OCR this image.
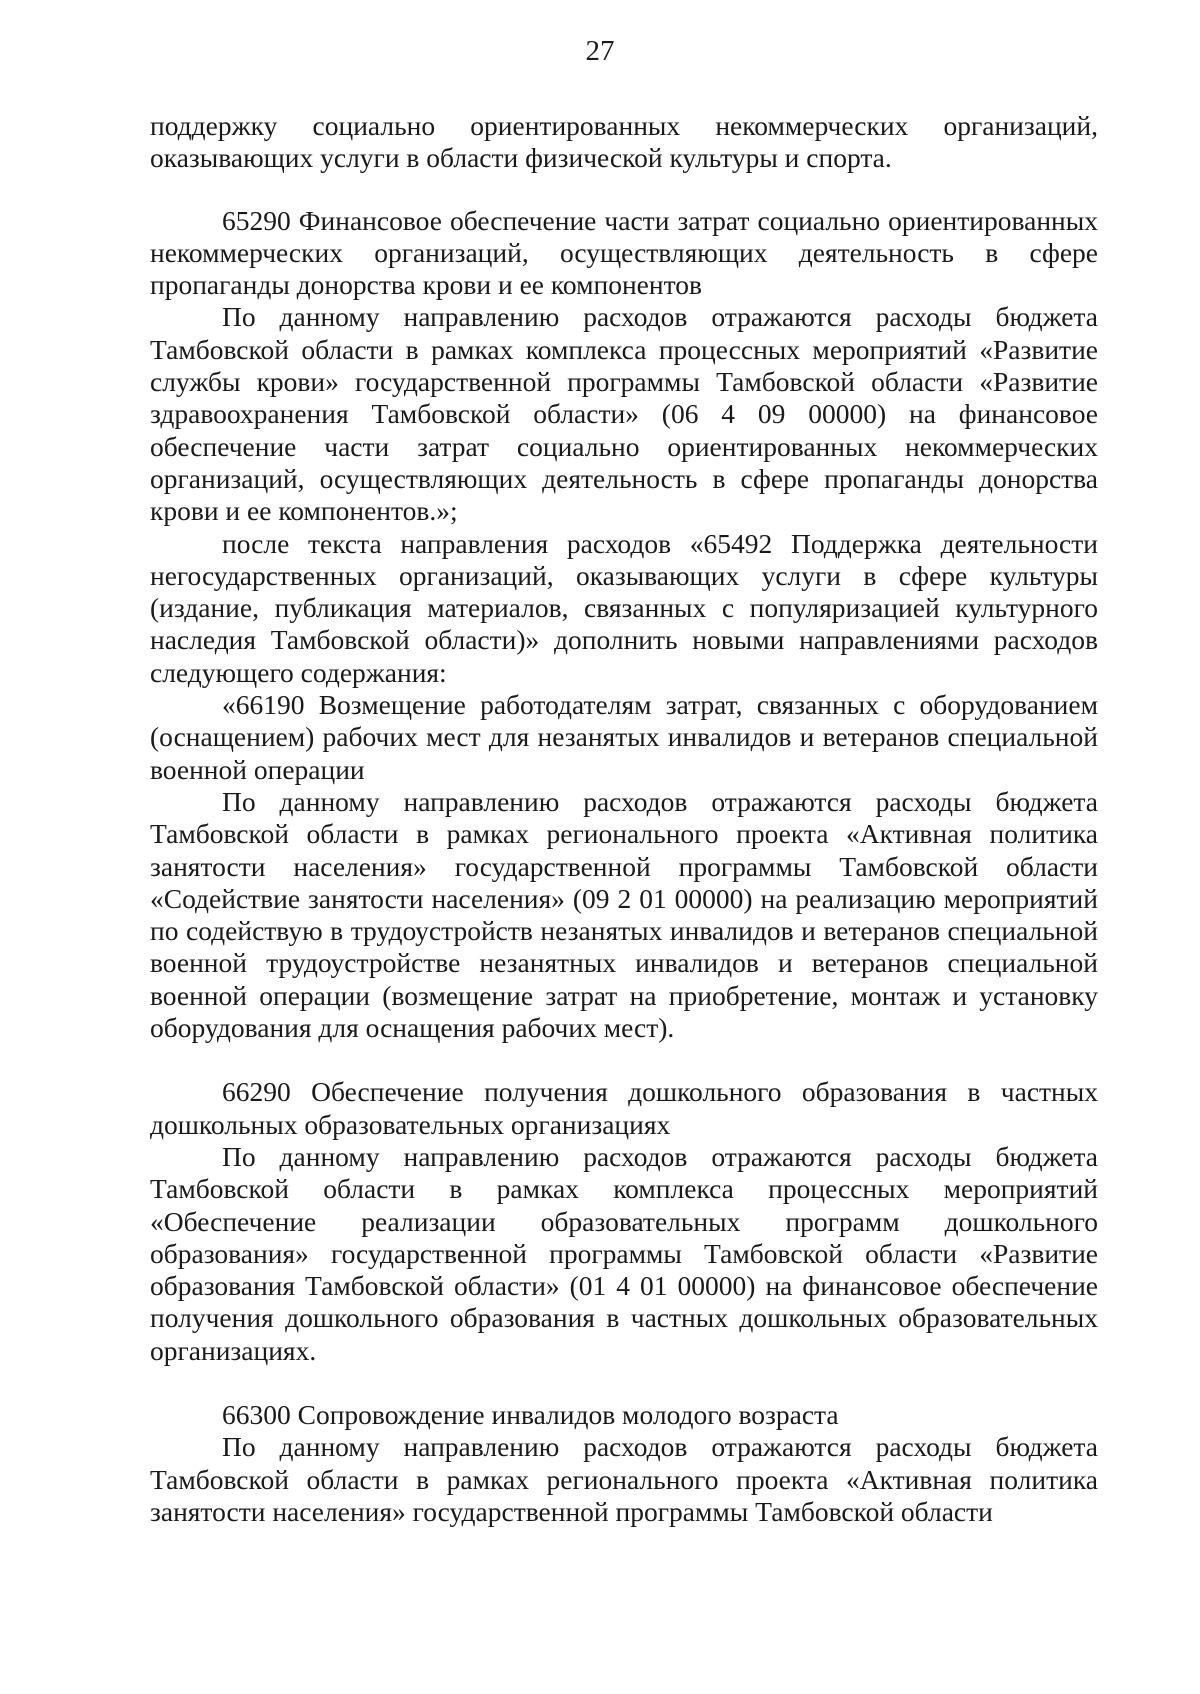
27

поддержку социально ориентированных некоммерческих организаций, оказывающих услуги в области физической культуры и спорта.

65290 Финансовое обеспечение части затрат социально ориентированных некоммерческих организаций, осуществляющих деятельность в сфере пропаганды донорства крови и ее компонентов

По данному направлению расходов отражаются расходы бюджета Тамбовской области в рамках комплекса процессных мероприятий «Развитие службы крови» государственной программы Тамбовской области «Развитие здравоохранения Тамбовской области» (06 4 09 00000) на финансовое обеспечение части затрат социально ориентированных некоммерческих организаций, осуществляющих деятельность в сфере пропаганды донорства крови и ее компонентов.»;

после текста направления расходов «65492 Поддержка деятельности негосударственных организаций, оказывающих услуги в сфере культуры (издание, публикация материалов, связанных с популяризацией культурного наследия Тамбовской области)» дополнить новыми направлениями расходов следующего содержания:

«66190 Возмещение работодателям затрат, связанных с оборудованием (оснащением) рабочих мест для незанятых инвалидов и ветеранов специальной военной операции

По данному направлению расходов отражаются расходы бюджета Тамбовской области в рамках регионального проекта «Активная политика занятости населения» государственной программы Тамбовской области «Содействие занятости населения» (09 2 01 00000) на реализацию мероприятий по содействую в трудоустройств незанятых инвалидов и ветеранов специальной военной трудоустройстве незанятных инвалидов и ветеранов специальной военной операции (возмещение затрат на приобретение, монтаж и установку оборудования для оснащения рабочих мест).

66290 Обеспечение получения дошкольного образования в частных дошкольных образовательных организациях

По данному направлению расходов отражаются расходы бюджета Тамбовской области в рамках комплекса процессных мероприятий «Обеспечение реализации образовательных программ дошкольного образования» государственной программы Тамбовской области «Развитие образования Тамбовской области» (01 4 01 00000) на финансовое обеспечение получения дошкольного образования в частных дошкольных образовательных организациях.

66300 Сопровождение инвалидов молодого возраста

По данному направлению расходов отражаются расходы бюджета Тамбовской области в рамках регионального проекта «Активная политика занятости населения» государственной программы Тамбовской области
